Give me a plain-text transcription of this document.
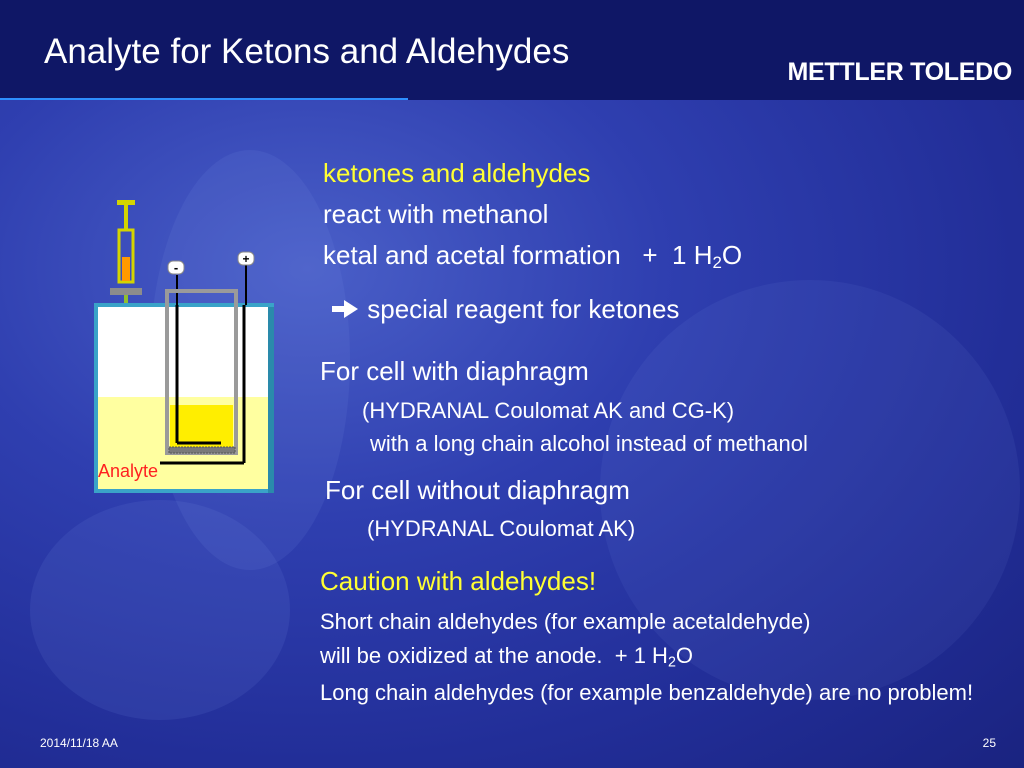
Analyte for Ketons and Aldehydes
METTLER TOLEDO
-
+
Analyte
ketones and aldehydes
react with methanol
ketal and acetal formation   +  1 $H_2O$
special reagent for ketones
For cell with diaphragm
(HYDRANAL Coulomat AK and CG-K)
with a long chain alcohol instead of methanol
For cell without diaphragm
(HYDRANAL Coulomat AK)
Caution with aldehydes!
Short chain aldehydes (for example acetaldehyde)
will be oxidized at the anode.  + 1 $H_2O$
Long chain aldehydes (for example benzaldehyde) are no problem!
2014/11/18 AA	25
